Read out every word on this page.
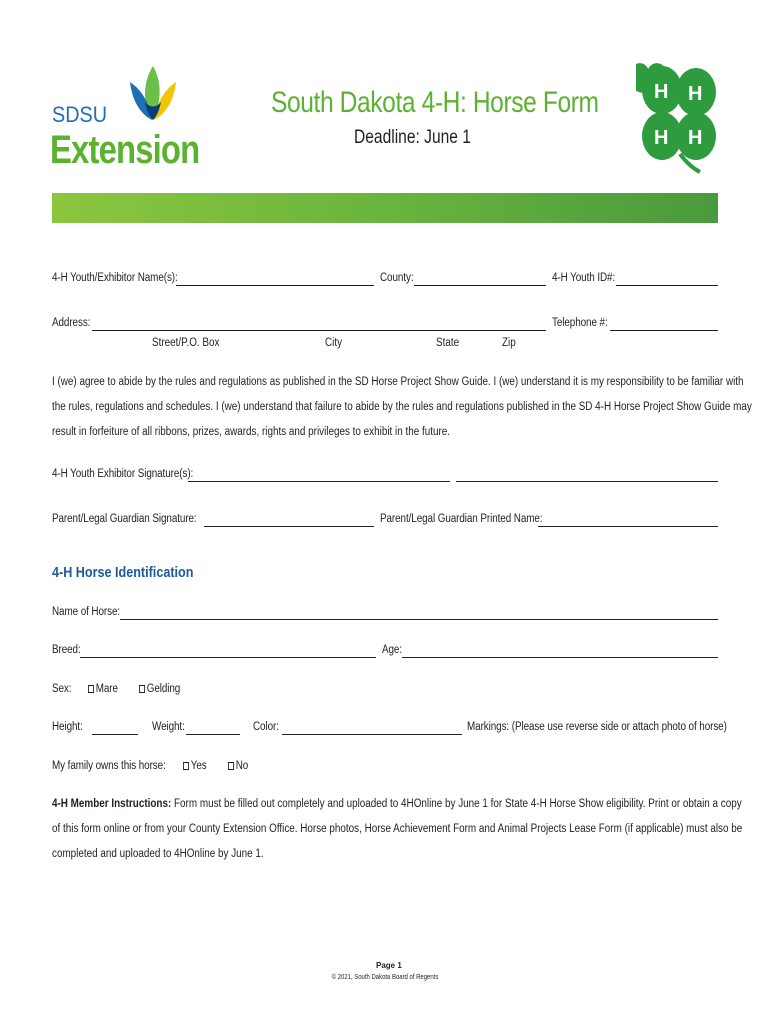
SDSU
Extension
South Dakota 4-H: Horse Form
Deadline: June 1
H H
H H
4-H Youth/Exhibitor Name(s):	County:	4-H Youth ID#:
Address:	Telephone #:
Street/P.O. Box	City	State	Zip
I (we) agree to abide by the rules and regulations as published in the SD Horse Project Show Guide. I (we) understand it is my responsibility to be familiar with
the rules, regulations and schedules. I (we) understand that failure to abide by the rules and regulations published in the SD 4-H Horse Project Show Guide may
result in forfeiture of all ribbons, prizes, awards, rights and privileges to exhibit in the future.
4-H Youth Exhibitor Signature(s):
Parent/Legal Guardian Signature:	Parent/Legal Guardian Printed Name:
4-H Horse Identification
Name of Horse:
Breed:	Age:
Sex:	Mare	Gelding
Height:	Weight:	Color:	Markings: (Please use reverse side or attach photo of horse)
My family owns this horse:	Yes	No
4-H Member Instructions: Form must be filled out completely and uploaded to 4HOnline by June 1 for State 4-H Horse Show eligibility. Print or obtain a copy
of this form online or from your County Extension Office. Horse photos, Horse Achievement Form and Animal Projects Lease Form (if applicable) must also be
completed and uploaded to 4HOnline by June 1.
Page 1
© 2021, South Dakota Board of Regents
